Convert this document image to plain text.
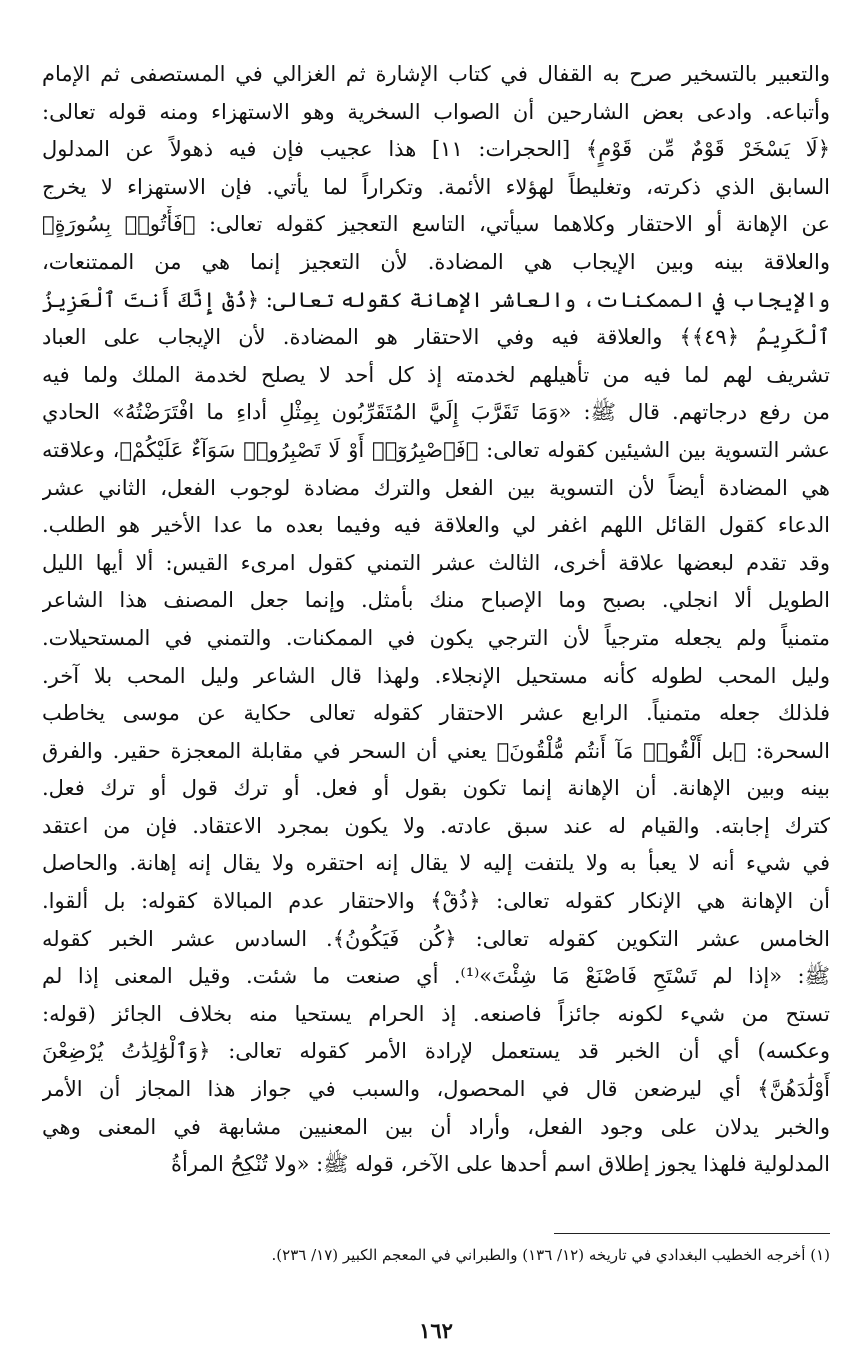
والتعبير بالتسخير صرح به القفال في كتاب الإشارة ثم الغزالي في المستصفى ثم الإمام
وأتباعه. وادعى بعض الشارحين أن الصواب السخرية وهو الاستهزاء ومنه قوله تعالى:
﴿لَا يَسْخَرْ قَوْمٌ مِّن قَوْمٍ﴾ [الحجرات: ١١] هذا عجيب فإن فيه ذهولاً عن المدلول
السابق الذي ذكرته، وتغليطاً لهؤلاء الأئمة. وتكراراً لما يأتي. فإن الاستهزاء لا يخرج
عن الإهانة أو الاحتقار وكلاهما سيأتي، التاسع التعجيز كقوله تعالى: ﴿فَأْتُوا۟ بِسُورَةٍ﴾
والعلاقة بينه وبين الإيجاب هي المضادة. لأن التعجيز إنما هي من الممتنعات،
والإيجاب في الممكنات، والعاشر الإهانة كقوله تعالى: ﴿ذُقْ إِنَّكَ أَنتَ ٱلْعَزِيزُ
ٱلْكَرِيمُ ﴿٤٩﴾﴾ والعلاقة فيه وفي الاحتقار هو المضادة. لأن الإيجاب على العباد
تشريف لهم لما فيه من تأهيلهم لخدمته إذ كل أحد لا يصلح لخدمة الملك ولما فيه
من رفع درجاتهم. قال ﷺ: «وَمَا تَقَرَّبَ إِلَيَّ المُتَقَرِّبُون بِمِثْلِ أداءِ ما افْتَرَضْتُهُ» الحادي
عشر التسوية بين الشيئين كقوله تعالى: ﴿فَٱصْبِرُوٓا۟ أَوْ لَا تَصْبِرُوا۟ سَوَآءٌ عَلَيْكُمْ﴾، وعلاقته
هي المضادة أيضاً لأن التسوية بين الفعل والترك مضادة لوجوب الفعل، الثاني عشر
الدعاء كقول القائل اللهم اغفر لي والعلاقة فيه وفيما بعده ما عدا الأخير هو الطلب.
وقد تقدم لبعضها علاقة أخرى، الثالث عشر التمني كقول امرىء القيس: ألا أيها الليل
الطويل ألا انجلي. بصبح وما الإصباح منك بأمثل. وإنما جعل المصنف هذا الشاعر
متمنياً ولم يجعله مترجياً لأن الترجي يكون في الممكنات. والتمني في المستحيلات.
وليل المحب لطوله كأنه مستحيل الإنجلاء. ولهذا قال الشاعر وليل المحب بلا آخر.
فلذلك جعله متمنياً. الرابع عشر الاحتقار كقوله تعالى حكاية عن موسى يخاطب
السحرة: ﴿بل أَلْقُوا۟ مَآ أَنتُم مُّلْقُونَ﴾ يعني أن السحر في مقابلة المعجزة حقير. والفرق
بينه وبين الإهانة. أن الإهانة إنما تكون بقول أو فعل. أو ترك قول أو ترك فعل.
كترك إجابته. والقيام له عند سبق عادته. ولا يكون بمجرد الاعتقاد. فإن من اعتقد
في شيء أنه لا يعبأ به ولا يلتفت إليه لا يقال إنه احتقره ولا يقال إنه إهانة. والحاصل
أن الإهانة هي الإنكار كقوله تعالى: ﴿ذُقْ﴾ والاحتقار عدم المبالاة كقوله: بل ألقوا.
الخامس عشر التكوين كقوله تعالى: ﴿كُن فَيَكُونُ﴾. السادس عشر الخبر كقوله
ﷺ: «إذا لم تَسْتَحِ فَاصْنَعْ مَا شِئْتَ»⁽¹⁾. أي صنعت ما شئت. وقيل المعنى إذا لم
تستح من شيء لكونه جائزاً فاصنعه. إذ الحرام يستحيا منه بخلاف الجائز (قوله:
وعكسه) أي أن الخبر قد يستعمل لإرادة الأمر كقوله تعالى: ﴿وَٱلْوَٰلِدَٰتُ يُرْضِعْنَ
أَوْلَٰدَهُنَّ﴾ أي ليرضعن قال في المحصول، والسبب في جواز هذا المجاز أن الأمر
والخبر يدلان على وجود الفعل، وأراد أن بين المعنيين مشابهة في المعنى وهي
المدلولية فلهذا يجوز إطلاق اسم أحدها على الآخر، قوله ﷺ: «ولا تُنْكِحُ المرأةُ
(١) أخرجه الخطيب البغدادي في تاريخه (١٢/ ١٣٦) والطبراني في المعجم الكبير (١٧/ ٢٣٦).
١٦٢
